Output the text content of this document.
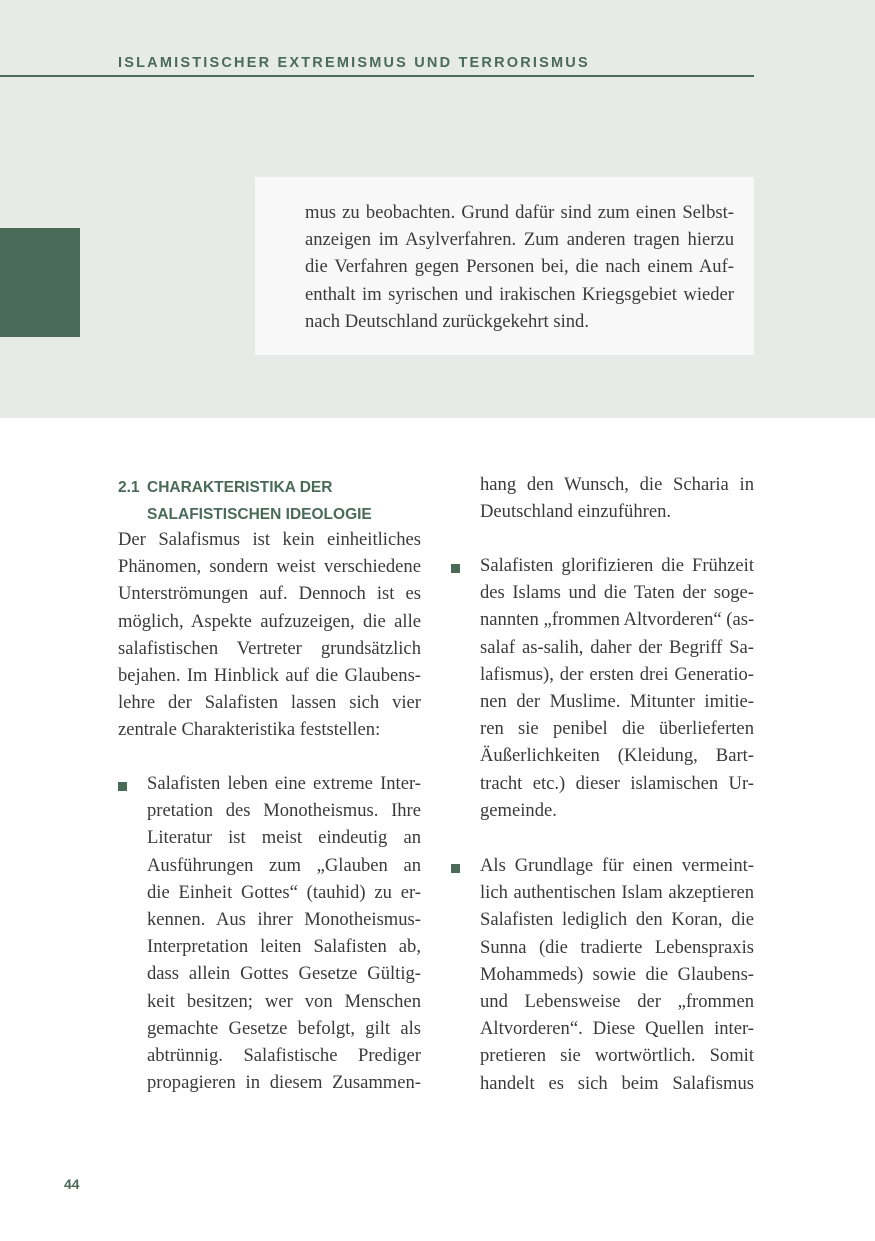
ISLAMISTISCHER EXTREMISMUS UND TERRORISMUS
mus zu beobachten. Grund dafür sind zum einen Selbst-
anzeigen im Asylverfahren. Zum anderen tragen hierzu
die Verfahren gegen Personen bei, die nach einem Auf-
enthalt im syrischen und irakischen Kriegsgebiet wieder
nach Deutschland zurückgekehrt sind.
2.1 CHARAKTERISTIKA DER
SALAFISTISCHEN IDEOLOGIE
Der Salafismus ist kein einheitliches
Phänomen, sondern weist verschiedene
Unterströmungen auf. Dennoch ist es
möglich, Aspekte aufzuzeigen, die alle
salafistischen Vertreter grundsätzlich
bejahen. Im Hinblick auf die Glaubens-
lehre der Salafisten lassen sich vier
zentrale Charakteristika feststellen:
Salafisten leben eine extreme Inter-
pretation des Monotheismus. Ihre
Literatur ist meist eindeutig an
Ausführungen zum „Glauben an
die Einheit Gottes“ (tauhid) zu er-
kennen. Aus ihrer Monotheismus-
Interpretation leiten Salafisten ab,
dass allein Gottes Gesetze Gültig-
keit besitzen; wer von Menschen
gemachte Gesetze befolgt, gilt als
abtrünnig. Salafistische Prediger
propagieren in diesem Zusammen-
hang den Wunsch, die Scharia in
Deutschland einzuführen.
Salafisten glorifizieren die Frühzeit
des Islams und die Taten der soge-
nannten „frommen Altvorderen“ (as-
salaf as-salih, daher der Begriff Sa-
lafismus), der ersten drei Generatio-
nen der Muslime. Mitunter imitie-
ren sie penibel die überlieferten
Äußerlichkeiten (Kleidung, Bart-
tracht etc.) dieser islamischen Ur-
gemeinde.
Als Grundlage für einen vermeint-
lich authentischen Islam akzeptieren
Salafisten lediglich den Koran, die
Sunna (die tradierte Lebenspraxis
Mohammeds) sowie die Glaubens-
und Lebensweise der „frommen
Altvorderen“. Diese Quellen inter-
pretieren sie wortwörtlich. Somit
handelt es sich beim Salafismus
44
